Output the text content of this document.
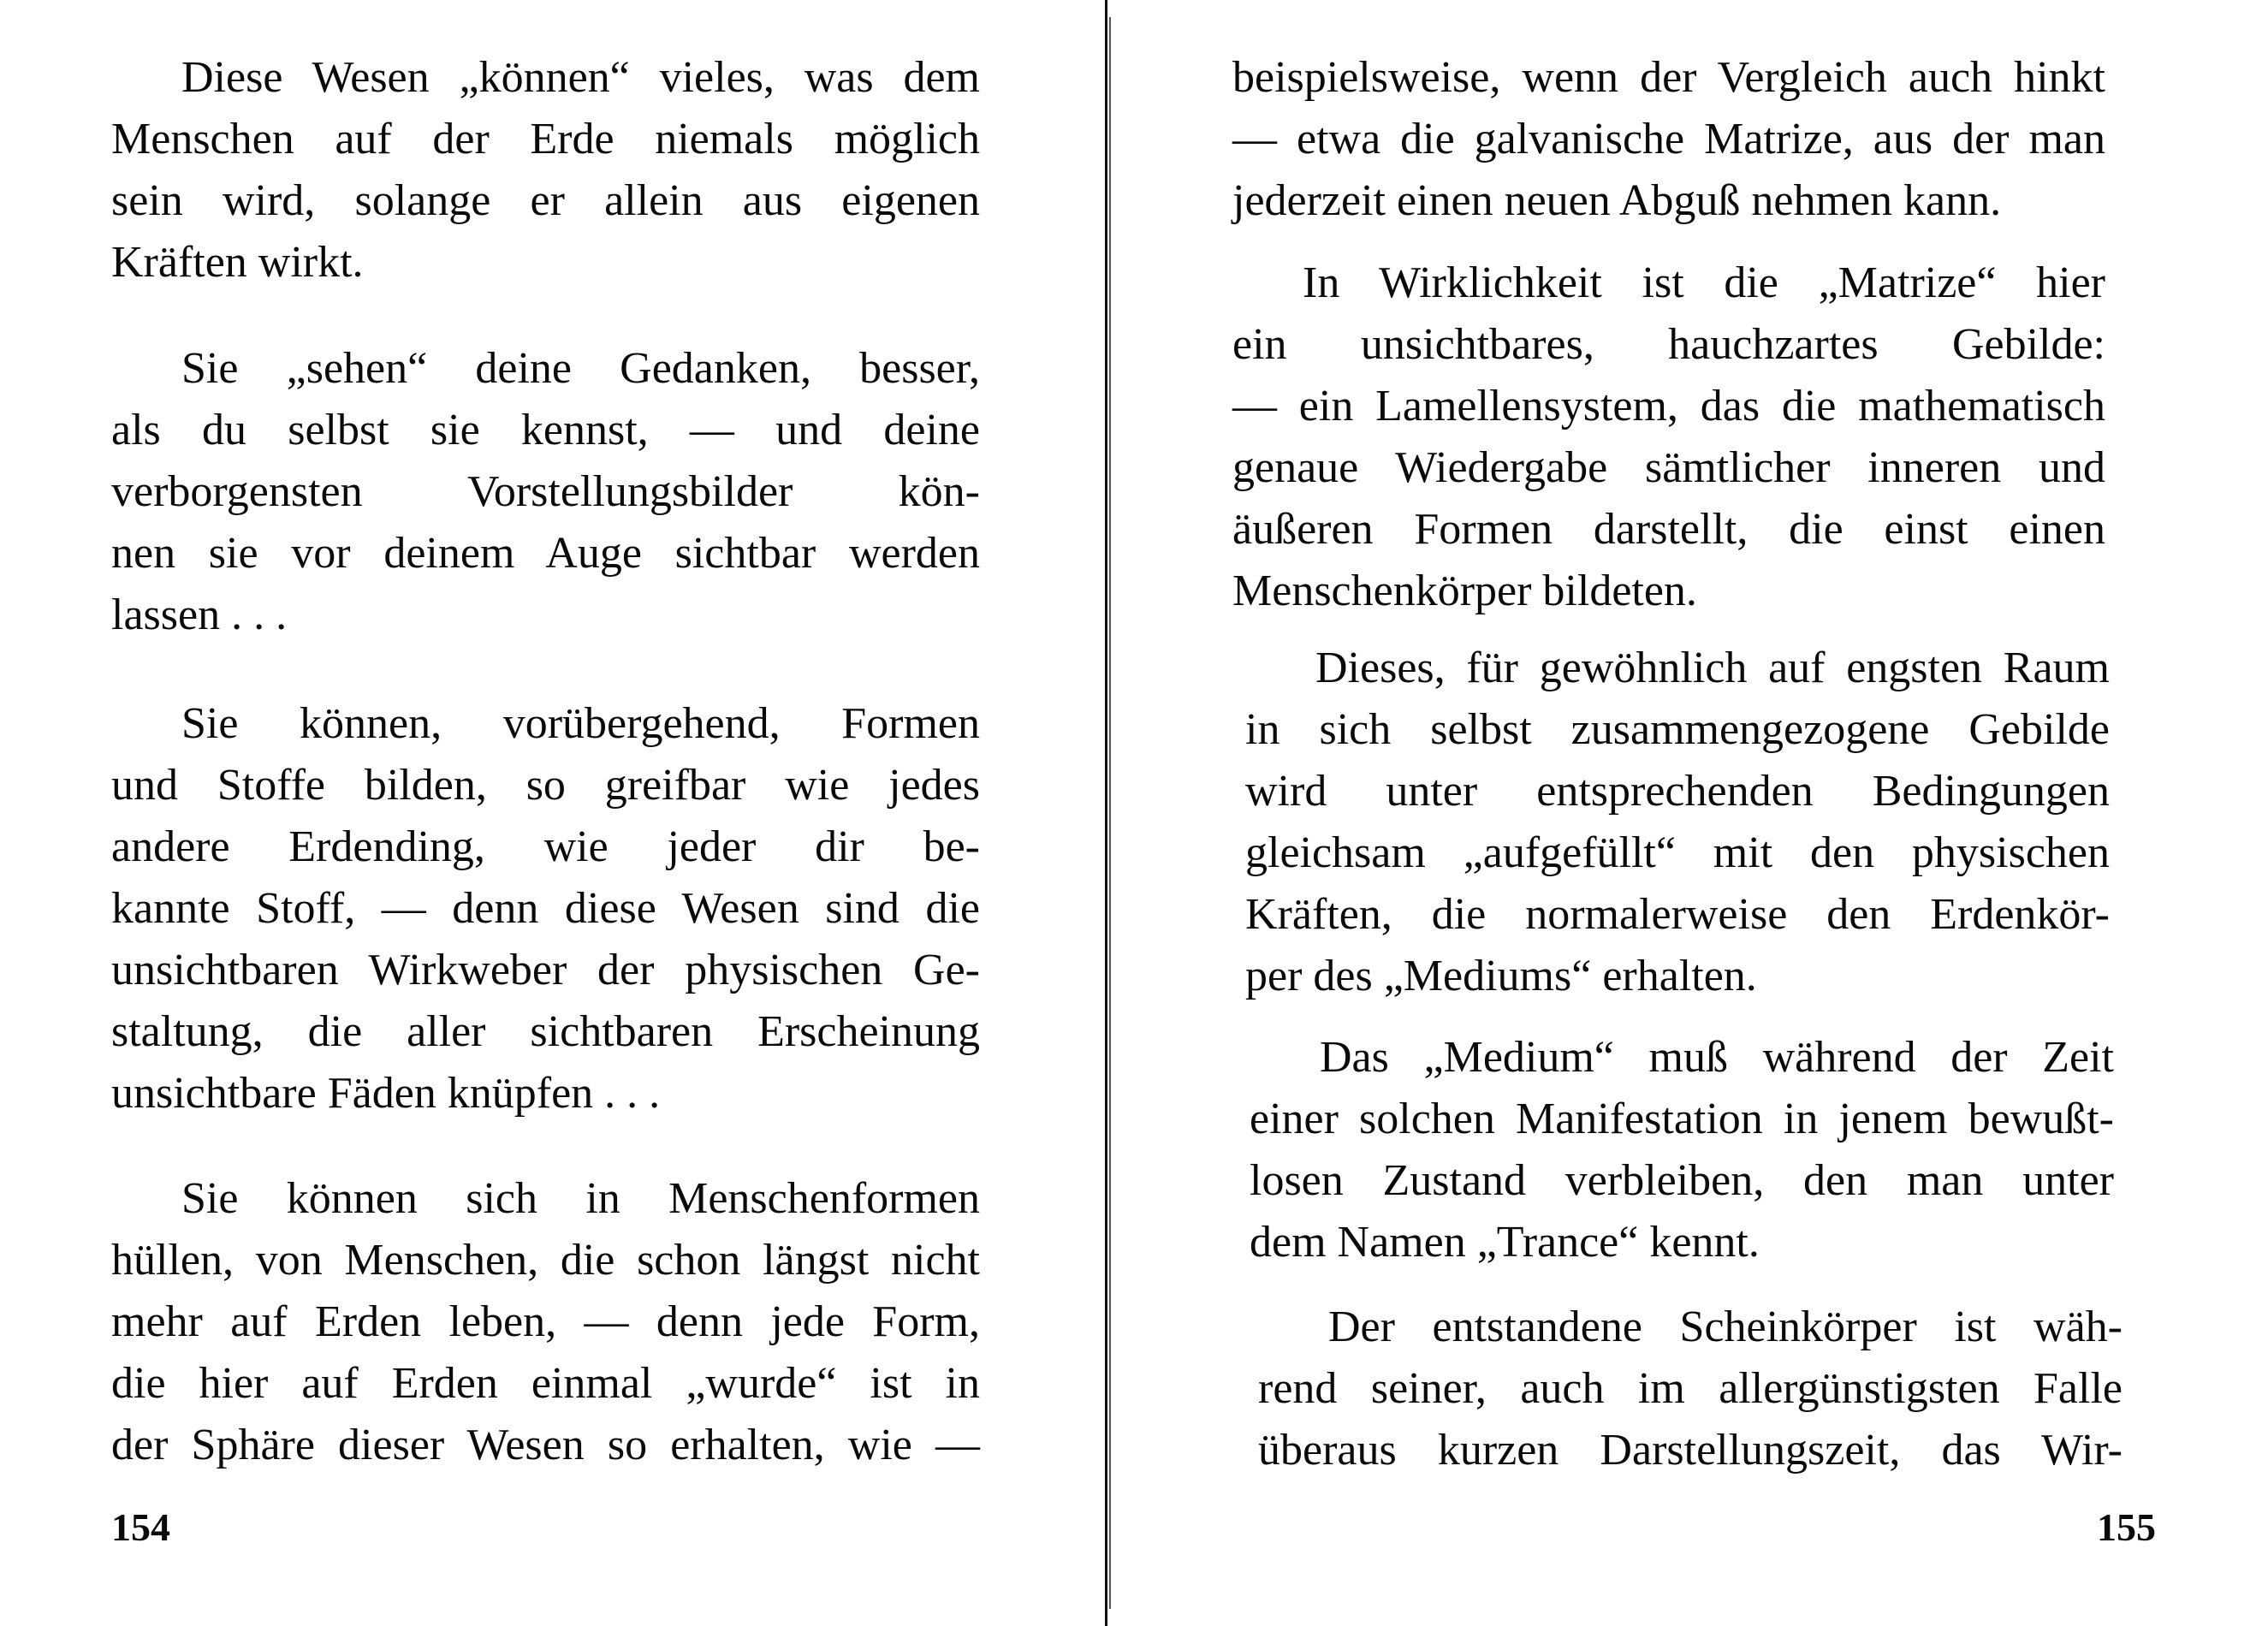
Diese Wesen „können“ vieles, was dem
Menschen auf der Erde niemals möglich
sein wird, solange er allein aus eigenen
Kräften wirkt.
Sie „sehen“ deine Gedanken, besser,
als du selbst sie kennst, — und deine
verborgensten Vorstellungsbilder kön-
nen sie vor deinem Auge sichtbar werden
lassen . . .
Sie können, vorübergehend, Formen
und Stoffe bilden, so greifbar wie jedes
andere Erdending, wie jeder dir be-
kannte Stoff, — denn diese Wesen sind die
unsichtbaren Wirkweber der physischen Ge-
staltung, die aller sichtbaren Erscheinung
unsichtbare Fäden knüpfen . . .
Sie können sich in Menschenformen
hüllen, von Menschen, die schon längst nicht
mehr auf Erden leben, — denn jede Form,
die hier auf Erden einmal „wurde“ ist in
der Sphäre dieser Wesen so erhalten, wie —
154
beispielsweise, wenn der Vergleich auch hinkt
— etwa die galvanische Matrize, aus der man
jederzeit einen neuen Abguß nehmen kann.
In Wirklichkeit ist die „Matrize“ hier
ein unsichtbares, hauchzartes Gebilde:
— ein Lamellensystem, das die mathematisch
genaue Wiedergabe sämtlicher inneren und
äußeren Formen darstellt, die einst einen
Menschenkörper bildeten.
Dieses, für gewöhnlich auf engsten Raum
in sich selbst zusammengezogene Gebilde
wird unter entsprechenden Bedingungen
gleichsam „aufgefüllt“ mit den physischen
Kräften, die normalerweise den Erdenkör-
per des „Mediums“ erhalten.
Das „Medium“ muß während der Zeit
einer solchen Manifestation in jenem bewußt-
losen Zustand verbleiben, den man unter
dem Namen „Trance“ kennt.
Der entstandene Scheinkörper ist wäh-
rend seiner, auch im allergünstigsten Falle
überaus kurzen Darstellungszeit, das Wir-
155
